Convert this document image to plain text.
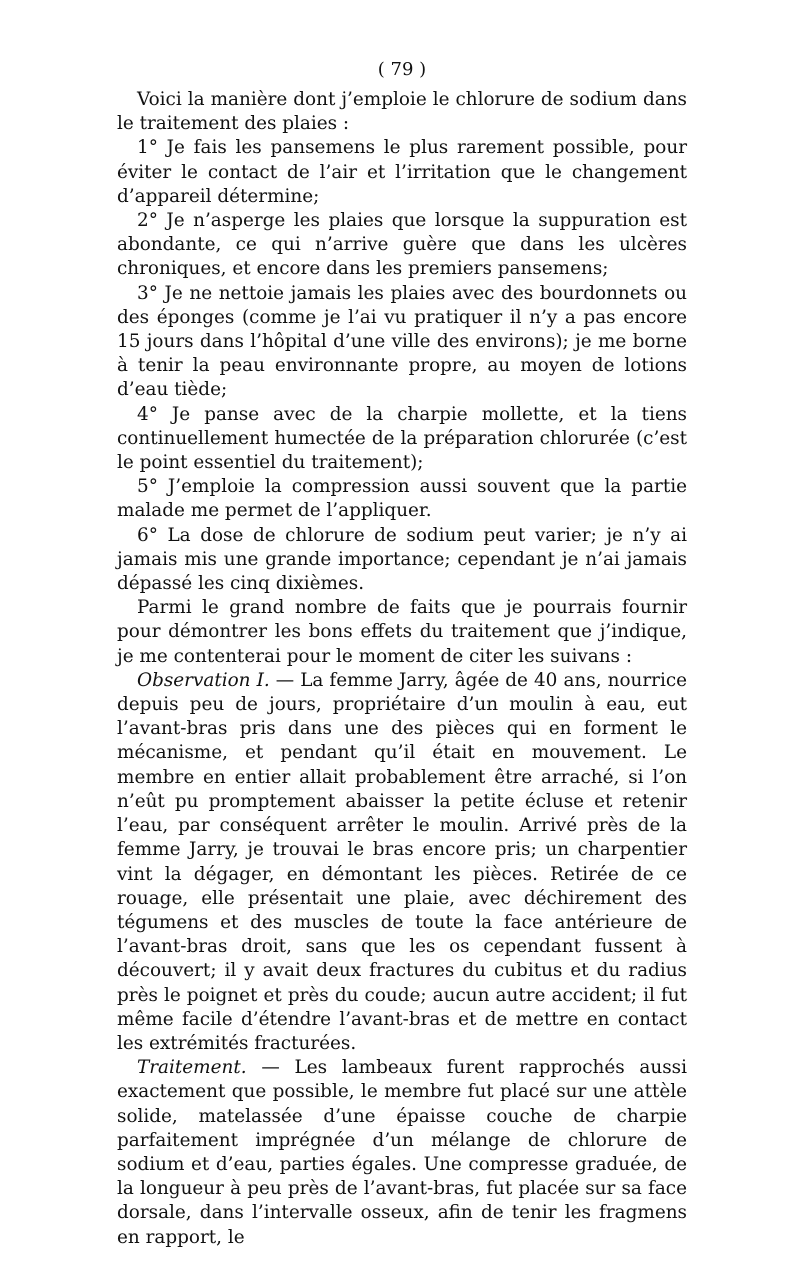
( 79 )

Voici la manière dont j’emploie le chlorure de sodium dans le traitement des plaies :

1° Je fais les pansemens le plus rarement possible, pour éviter le contact de l’air et l’irritation que le changement d’appareil détermine;

2° Je n’asperge les plaies que lorsque la suppuration est abondante, ce qui n’arrive guère que dans les ulcères chroniques, et encore dans les premiers pansemens;

3° Je ne nettoie jamais les plaies avec des bourdonnets ou des éponges (comme je l’ai vu pratiquer il n’y a pas encore 15 jours dans l’hôpital d’une ville des environs); je me borne à tenir la peau environnante propre, au moyen de lotions d’eau tiède;

4° Je panse avec de la charpie mollette, et la tiens continuellement humectée de la préparation chlorurée (c’est le point essentiel du traitement);

5° J’emploie la compression aussi souvent que la partie malade me permet de l’appliquer.

6° La dose de chlorure de sodium peut varier; je n’y ai jamais mis une grande importance; cependant je n’ai jamais dépassé les cinq dixièmes.

Parmi le grand nombre de faits que je pourrais fournir pour démontrer les bons effets du traitement que j’indique, je me contenterai pour le moment de citer les suivans :

Observation I. — La femme Jarry, âgée de 40 ans, nourrice depuis peu de jours, propriétaire d’un moulin à eau, eut l’avant-bras pris dans une des pièces qui en forment le mécanisme, et pendant qu’il était en mouvement. Le membre en entier allait probablement être arraché, si l’on n’eût pu promptement abaisser la petite écluse et retenir l’eau, par conséquent arrêter le moulin. Arrivé près de la femme Jarry, je trouvai le bras encore pris; un charpentier vint la dégager, en démontant les pièces. Retirée de ce rouage, elle présentait une plaie, avec déchirement des tégumens et des muscles de toute la face antérieure de l’avant-bras droit, sans que les os cependant fussent à découvert; il y avait deux fractures du cubitus et du radius près le poignet et près du coude; aucun autre accident; il fut même facile d’étendre l’avant-bras et de mettre en contact les extrémités fracturées.

Traitement. — Les lambeaux furent rapprochés aussi exactement que possible, le membre fut placé sur une attèle solide, matelassée d’une épaisse couche de charpie parfaitement imprégnée d’un mélange de chlorure de sodium et d’eau, parties égales. Une compresse graduée, de la longueur à peu près de l’avant-bras, fut placée sur sa face dorsale, dans l’intervalle osseux, afin de tenir les fragmens en rapport, le
